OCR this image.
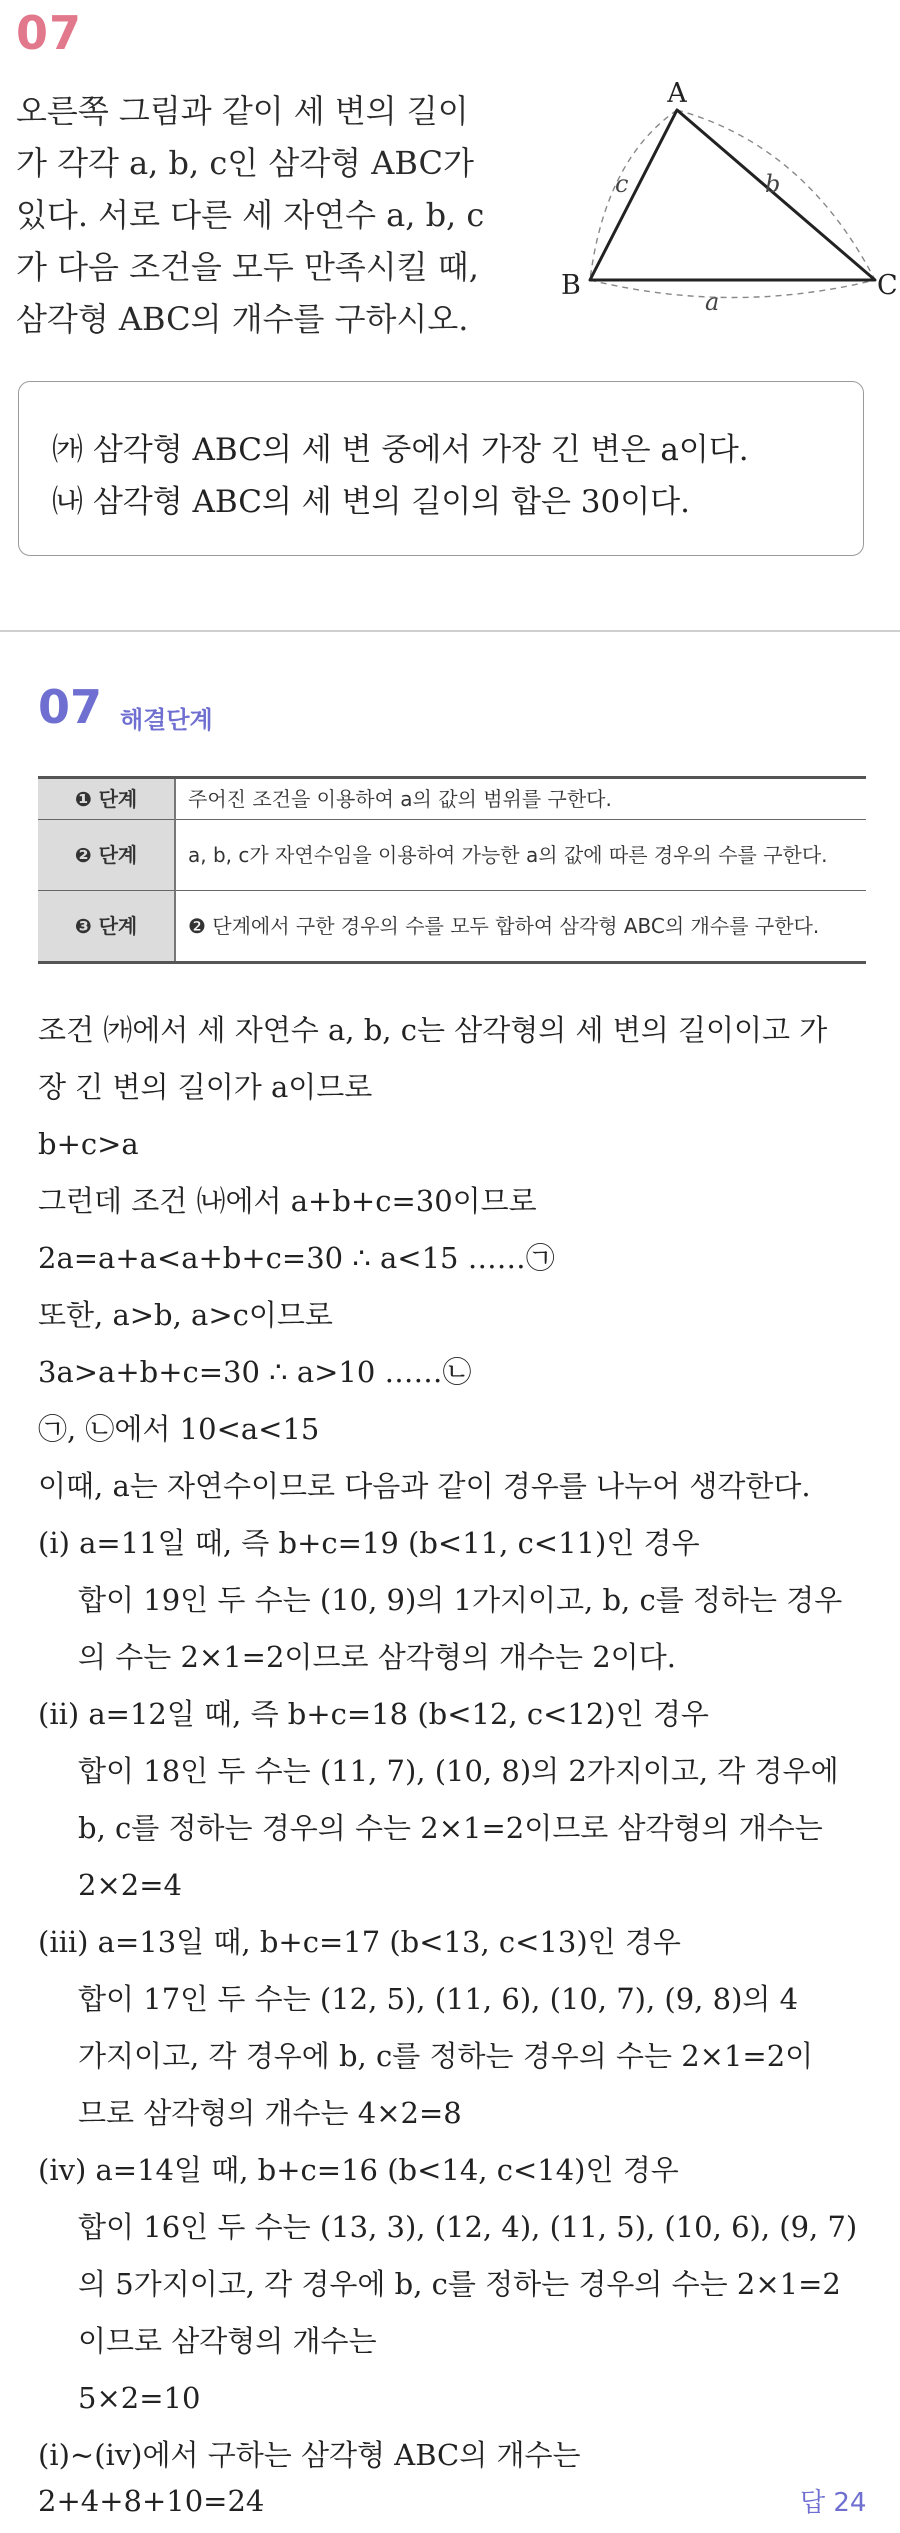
07
오른쪽 그림과 같이 세 변의 길이
가 각각 a, b, c인 삼각형 ABC가
있다. 서로 다른 세 자연수 a, b, c
가 다음 조건을 모두 만족시킬 때,
삼각형 ABC의 개수를 구하시오.
A
B	C
c	b
a
㈎ 삼각형 ABC의 세 변 중에서 가장 긴 변은 a이다.
㈏ 삼각형 ABC의 세 변의 길이의 합은 30이다.
07 해결단계
❶ 단계	주어진 조건을 이용하여 a의 값의 범위를 구한다.
❷ 단계	a, b, c가 자연수임을 이용하여 가능한 a의 값에 따른 경우의 수를 구한다.
❸ 단계	❷ 단계에서 구한 경우의 수를 모두 합하여 삼각형 ABC의 개수를 구한다.
조건 ㈎에서 세 자연수 a, b, c는 삼각형의 세 변의 길이이고 가
장 긴 변의 길이가 a이므로
b+c>a
그런데 조건 ㈏에서 a+b+c=30이므로
2a=a+a<a+b+c=30 ∴ a<15 ……㉠
또한, a>b, a>c이므로
3a>a+b+c=30 ∴ a>10 ……㉡
㉠, ㉡에서 10<a<15
이때, a는 자연수이므로 다음과 같이 경우를 나누어 생각한다.
(ⅰ) a=11일 때, 즉 b+c=19 (b<11, c<11)인 경우
합이 19인 두 수는 (10, 9)의 1가지이고, b, c를 정하는 경우
의 수는 2×1=2이므로 삼각형의 개수는 2이다.
(ⅱ) a=12일 때, 즉 b+c=18 (b<12, c<12)인 경우
합이 18인 두 수는 (11, 7), (10, 8)의 2가지이고, 각 경우에
b, c를 정하는 경우의 수는 2×1=2이므로 삼각형의 개수는
2×2=4
(ⅲ) a=13일 때, b+c=17 (b<13, c<13)인 경우
합이 17인 두 수는 (12, 5), (11, 6), (10, 7), (9, 8)의 4
가지이고, 각 경우에 b, c를 정하는 경우의 수는 2×1=2이
므로 삼각형의 개수는 4×2=8
(ⅳ) a=14일 때, b+c=16 (b<14, c<14)인 경우
합이 16인 두 수는 (13, 3), (12, 4), (11, 5), (10, 6), (9, 7)
의 5가지이고, 각 경우에 b, c를 정하는 경우의 수는 2×1=2
이므로 삼각형의 개수는
5×2=10
(ⅰ)~(ⅳ)에서 구하는 삼각형 ABC의 개수는
2+4+8+10=24	답 24
